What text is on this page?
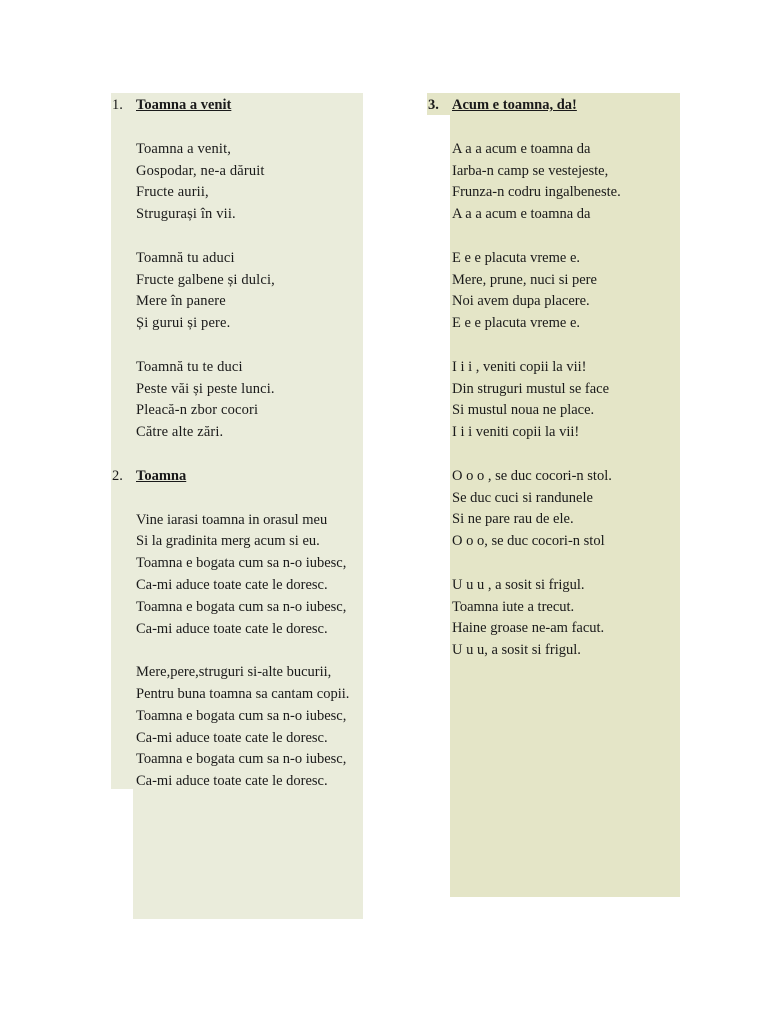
1. Toamna a venit
Toamna a venit,
Gospodar, ne-a dăruit
Fructe aurii,
Strugurași în vii.
Toamnă tu aduci
Fructe galbene și dulci,
Mere în panere
Și gurui și pere.
Toamnă tu te duci
Peste văi și peste lunci.
Pleacă-n zbor cocori
Către alte zări.
2. Toamna
Vine iarasi toamna in orasul meu
Si la gradinita merg acum si eu.
Toamna e bogata cum sa n-o iubesc,
Ca-mi aduce toate cate le doresc.
Toamna e bogata cum sa n-o iubesc,
Ca-mi aduce toate cate le doresc.
Mere,pere,struguri si-alte bucurii,
Pentru buna toamna sa cantam copii.
Toamna e bogata cum sa n-o iubesc,
Ca-mi aduce toate cate le doresc.
Toamna e bogata cum sa n-o iubesc,
Ca-mi aduce toate cate le doresc.
3. Acum e toamna, da!
A a a acum e toamna da
Iarba-n camp se vestejeste,
Frunza-n codru ingalbeneste.
A a a acum e toamna da
E e e placuta vreme e.
Mere, prune, nuci si pere
Noi avem dupa placere.
E e e placuta vreme e.
I i i , veniti copii la vii!
Din struguri mustul se face
Si mustul noua ne place.
I i i veniti copii la vii!
O o o , se duc cocori-n stol.
Se duc cuci si randunele
Si ne pare rau de ele.
O o o, se duc cocori-n stol
U u u , a sosit si frigul.
Toamna iute a trecut.
Haine groase ne-am facut.
U u u, a sosit si frigul.
